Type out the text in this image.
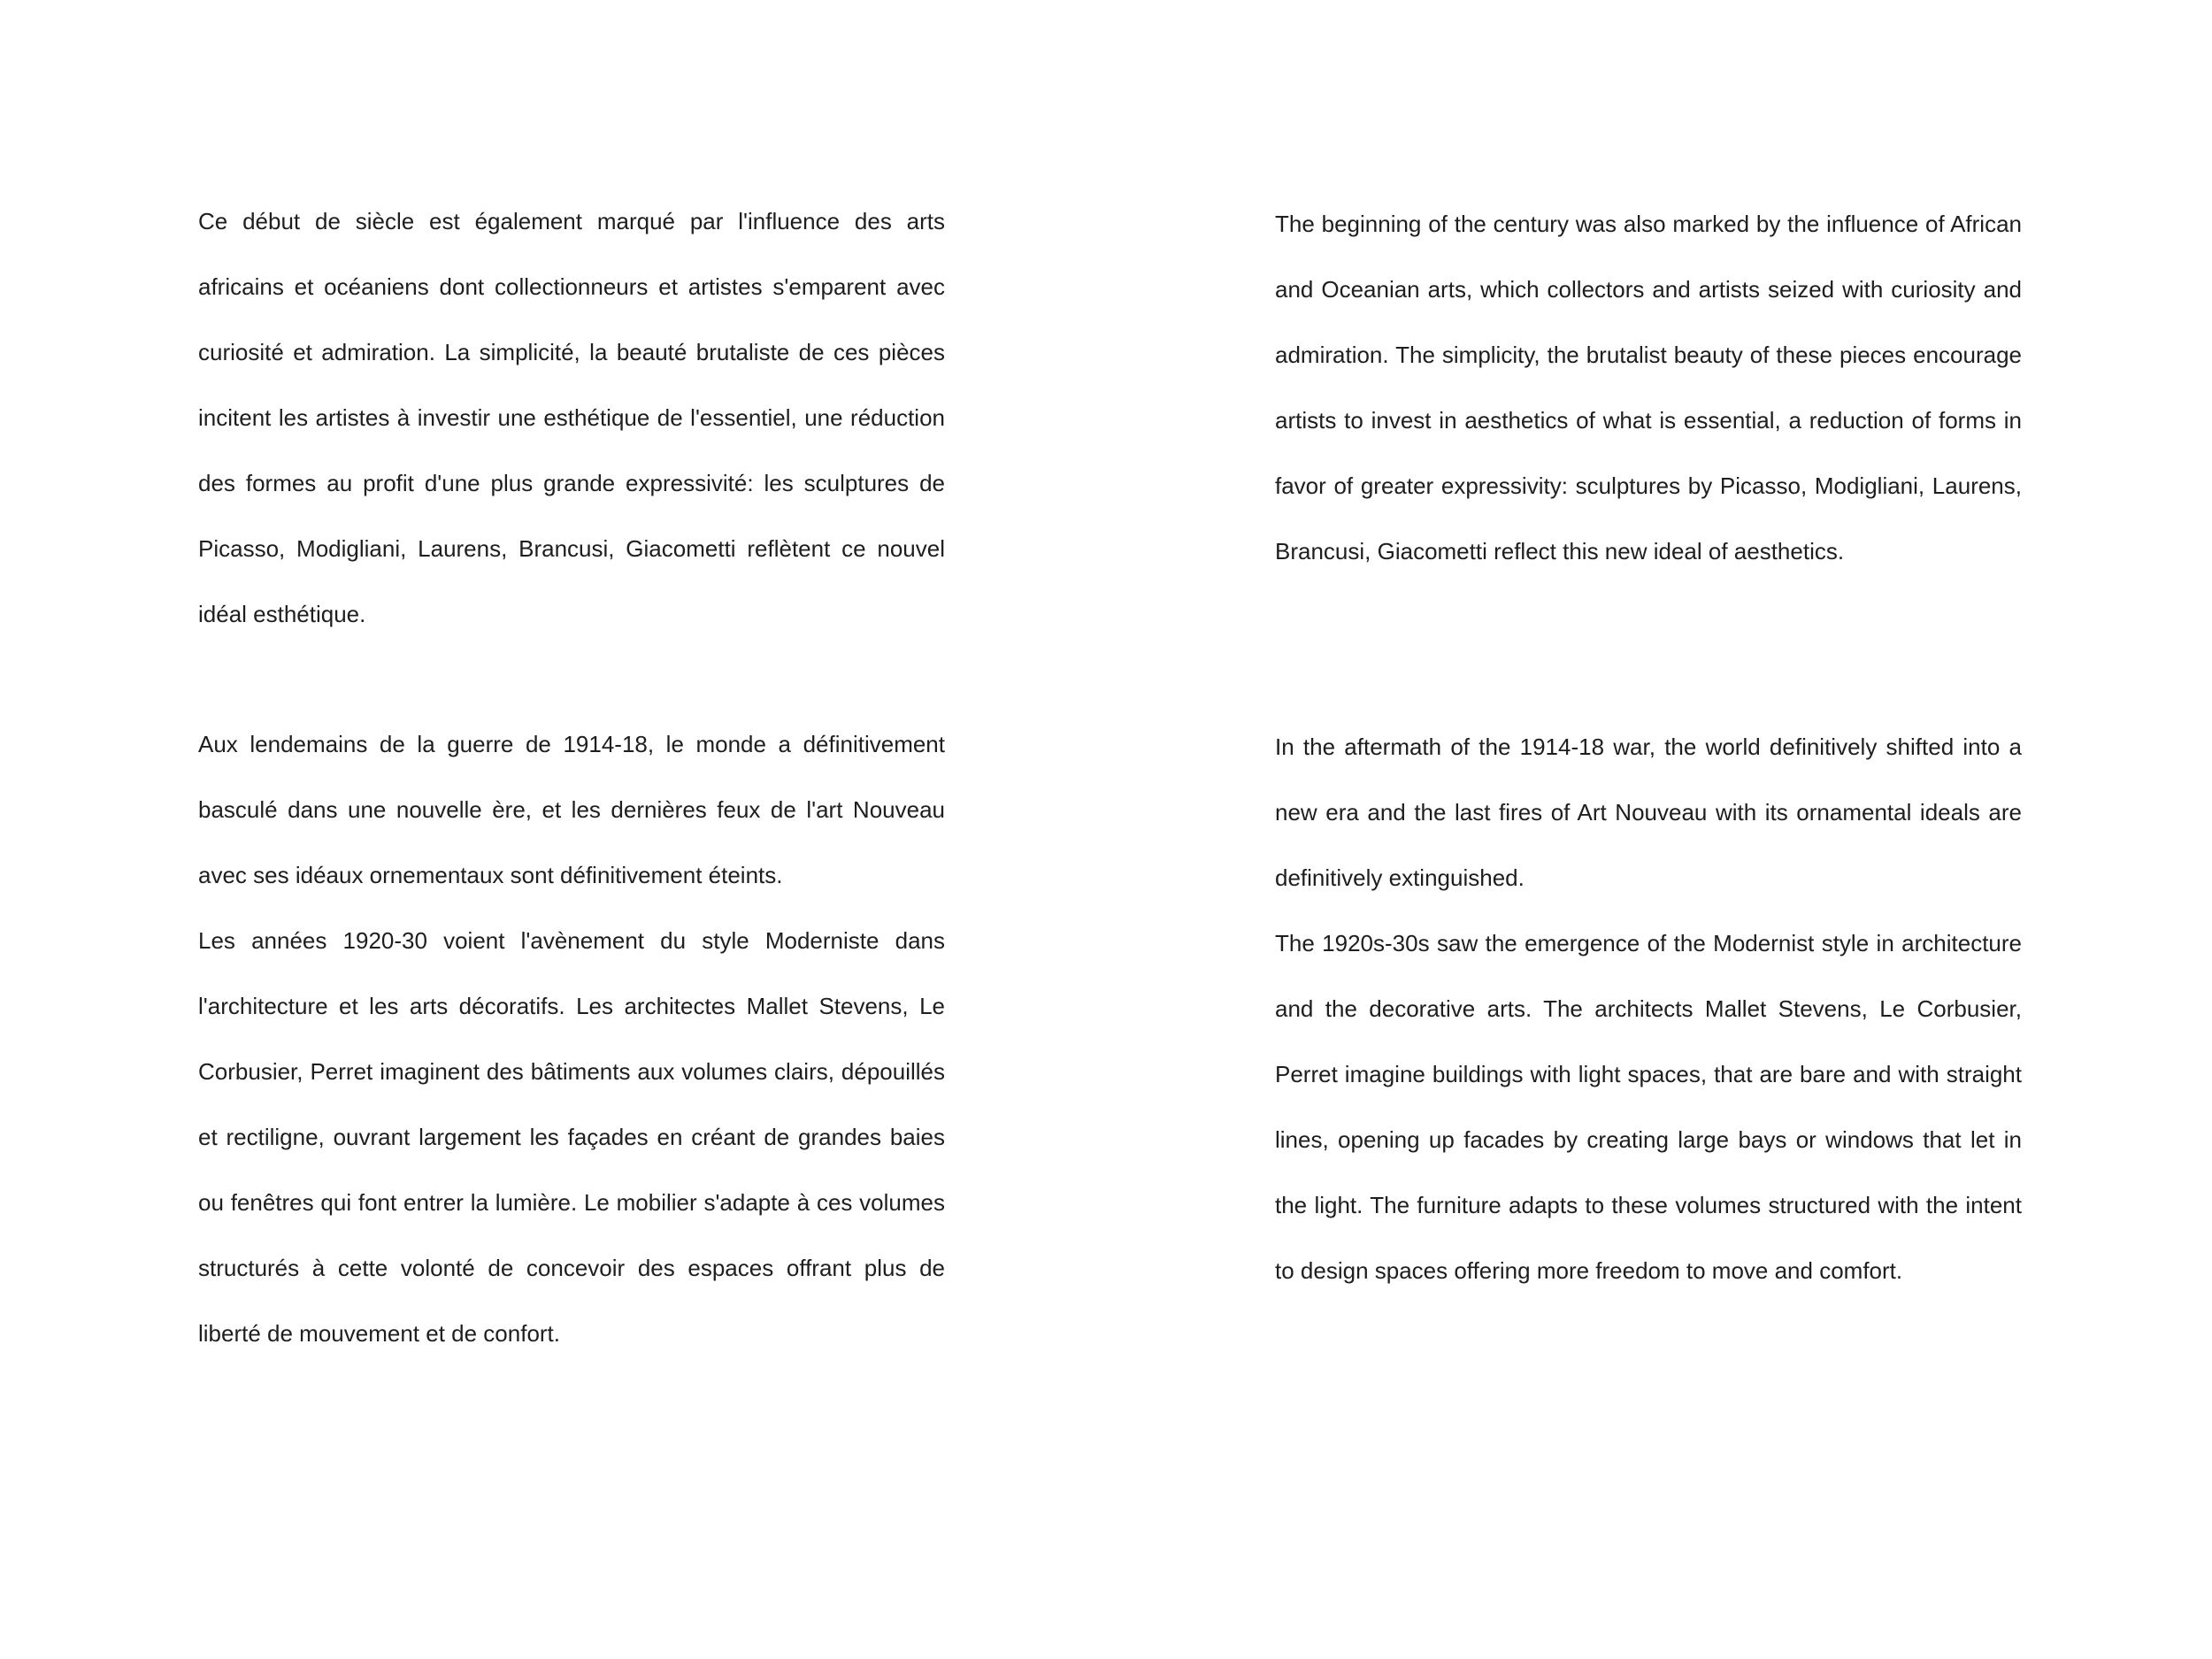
Ce début de siècle est également marqué par l'influence des arts africains et océaniens dont collectionneurs et artistes s'emparent avec curiosité et admiration. La simplicité, la beauté brutaliste de ces pièces incitent les artistes à investir une esthétique de l'essentiel, une réduction des formes au profit d'une plus grande expressivité: les sculptures de Picasso, Modigliani, Laurens, Brancusi, Giacometti reflètent ce nouvel idéal esthétique.

Aux lendemains de la guerre de 1914-18, le monde a définitivement basculé dans une nouvelle ère, et les dernières feux de l'art Nouveau avec ses idéaux ornementaux sont définitivement éteints.

Les années 1920-30 voient l'avènement du style Moderniste dans l'architecture et les arts décoratifs. Les architectes Mallet Stevens, Le Corbusier, Perret imaginent des bâtiments aux volumes clairs, dépouillés et rectiligne, ouvrant largement les façades en créant de grandes baies ou fenêtres qui font entrer la lumière. Le mobilier s'adapte à ces volumes structurés à cette volonté de concevoir des espaces offrant plus de liberté de mouvement et de confort.

The beginning of the century was also marked by the influence of African and Oceanian arts, which collectors and artists seized with curiosity and admiration. The simplicity, the brutalist beauty of these pieces encourage artists to invest in aesthetics of what is essential, a reduction of forms in favor of greater expressivity: sculptures by Picasso, Modigliani, Laurens, Brancusi, Giacometti reflect this new ideal of aesthetics.

In the aftermath of the 1914-18 war, the world definitively shifted into a new era and the last fires of Art Nouveau with its ornamental ideals are definitively extinguished.

The 1920s-30s saw the emergence of the Modernist style in architecture and the decorative arts. The architects Mallet Stevens, Le Corbusier, Perret imagine buildings with light spaces, that are bare and with straight lines, opening up facades by creating large bays or windows that let in the light. The furniture adapts to these volumes structured with the intent to design spaces offering more freedom to move and comfort.
